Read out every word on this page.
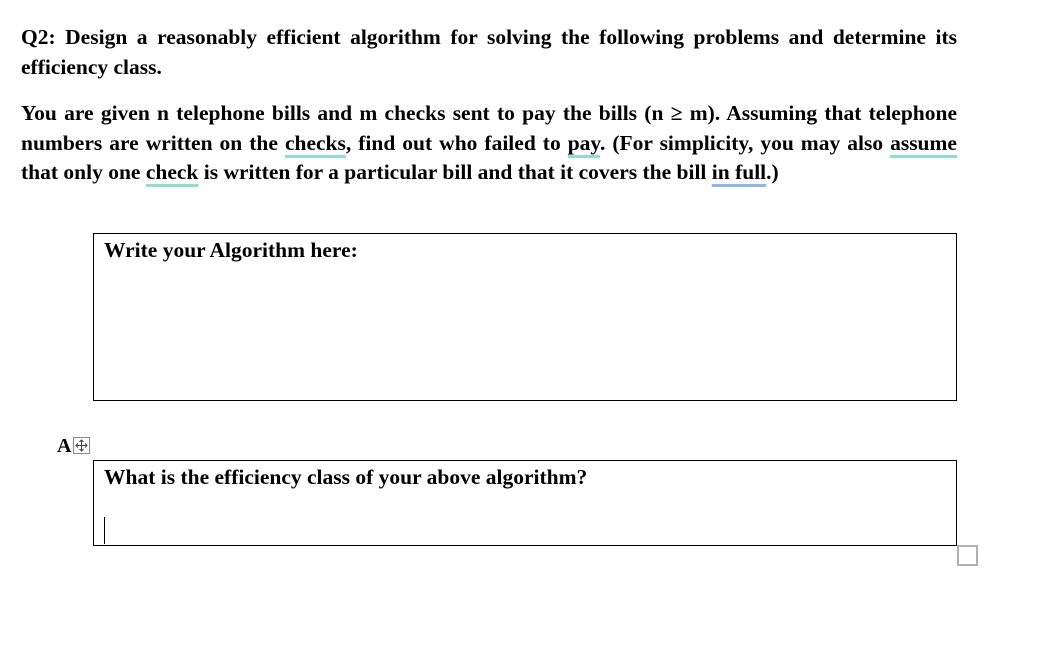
Q2: Design a reasonably efficient algorithm for solving the following problems and determine its efficiency class.

You are given n telephone bills and m checks sent to pay the bills (n ≥ m). Assuming that telephone numbers are written on the checks, find out who failed to pay. (For simplicity, you may also assume that only one check is written for a particular bill and that it covers the bill in full.)

Write your Algorithm here:
A
What is the efficiency class of your above algorithm?
